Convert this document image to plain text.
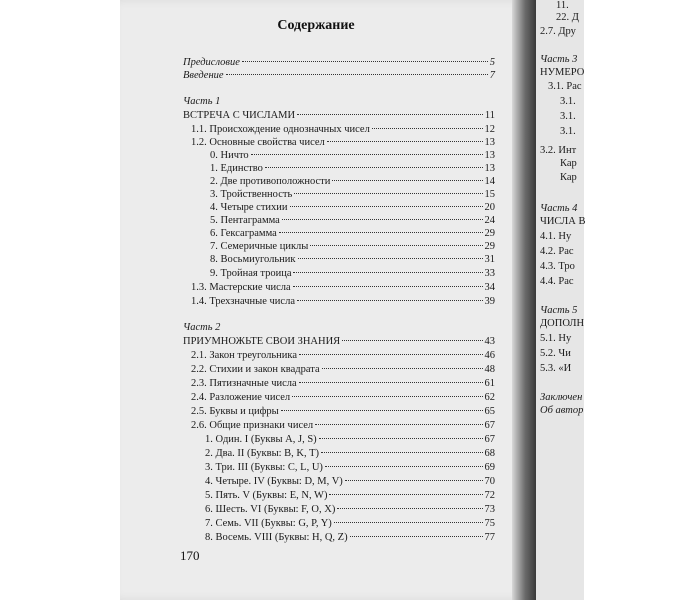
Содержание
Предисловие	5
Введение	7
Часть 1
ВСТРЕЧА С ЧИСЛАМИ	11
1.1. Происхождение однозначных чисел	12
1.2. Основные свойства чисел	13
0. Ничто	13
1. Единство	13
2. Две противоположности	14
3. Тройственность	15
4. Четыре стихии	20
5. Пентаграмма	24
6. Гексаграмма	29
7. Семеричные циклы	29
8. Восьмиугольник	31
9. Тройная троица	33
1.3. Мастерские числа	34
1.4. Трехзначные числа	39
Часть 2
ПРИУМНОЖЬТЕ СВОИ ЗНАНИЯ	43
2.1. Закон треугольника	46
2.2. Стихии и закон квадрата	48
2.3. Пятизначные числа	61
2.4. Разложение чисел	62
2.5. Буквы и цифры	65
2.6. Общие признаки чисел	67
1. Один. I (Буквы A, J, S)	67
2. Два. II (Буквы: B, K, T)	68
3. Три. III (Буквы: C, L, U)	69
4. Четыре. IV (Буквы: D, M, V)	70
5. Пять. V (Буквы: E, N, W)	72
6. Шесть. VI (Буквы: F, O, X)	73
7. Семь. VII (Буквы: G, P, Y)	75
8. Восемь. VIII (Буквы: H, Q, Z)	77
170
11.
22. Д
2.7. Дру
Часть 3
НУМЕРО
3.1. Рас
3.1.
3.1.
3.1.
3.2. Инт
Кар
Кар
Часть 4
ЧИСЛА В
4.1. Ну
4.2. Рас
4.3. Тро
4.4. Рас
Часть 5
ДОПОЛН
5.1. Ну
5.2. Чи
5.3. «И
Заключен
Об автор
